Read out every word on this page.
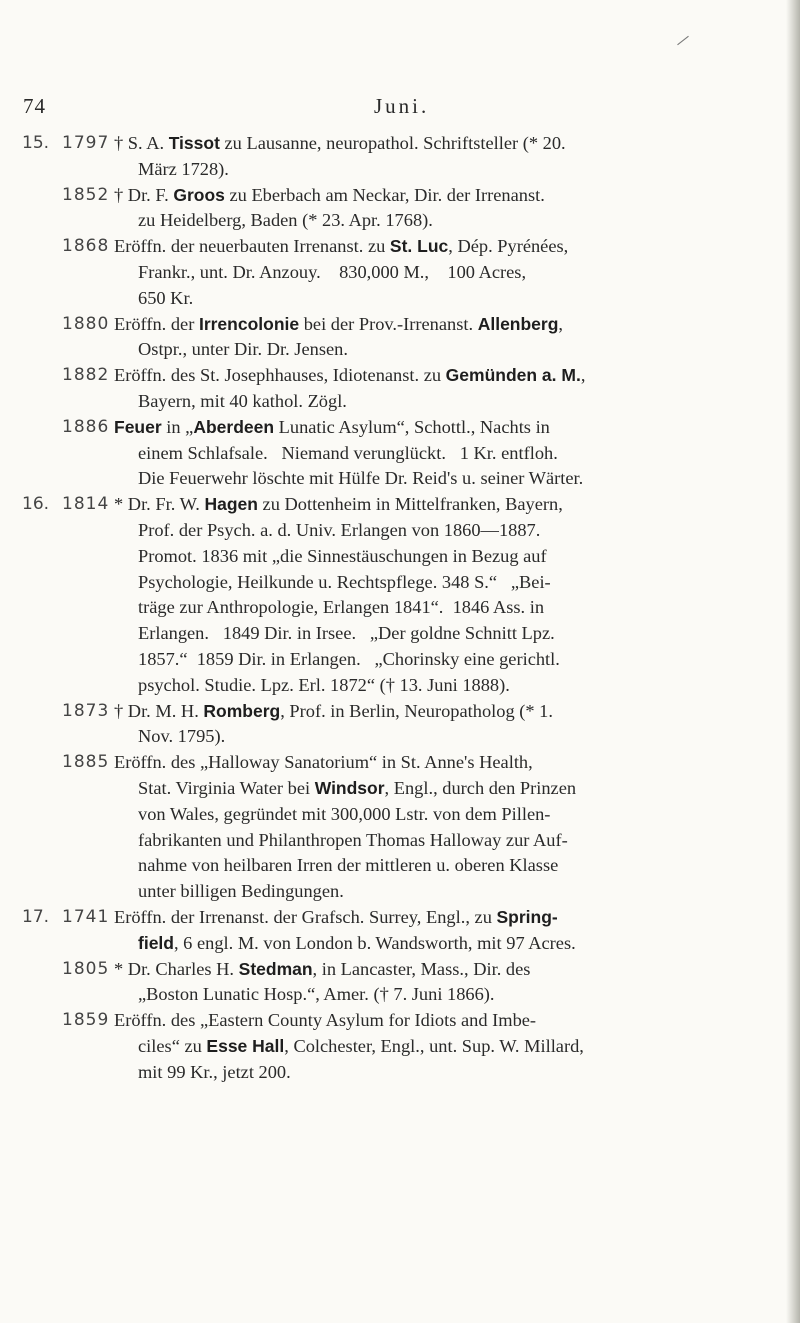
74	Juni.
15. 1797 † S. A. Tissot zu Lausanne, neuropathol. Schriftsteller (* 20.
März 1728).
1852 † Dr. F. Groos zu Eberbach am Neckar, Dir. der Irrenanst.
zu Heidelberg, Baden (* 23. Apr. 1768).
1868 Eröffn. der neuerbauten Irrenanst. zu St. Luc, Dép. Pyrénées,
Frankr., unt. Dr. Anzouy.    830,000 M.,    100 Acres,
650 Kr.
1880 Eröffn. der Irrencolonie bei der Prov.-Irrenanst. Allenberg,
Ostpr., unter Dir. Dr. Jensen.
1882 Eröffn. des St. Josephhauses, Idiotenanst. zu Gemünden a. M.,
Bayern, mit 40 kathol. Zögl.
1886 Feuer in „Aberdeen Lunatic Asylum“, Schottl., Nachts in
einem Schlafsale.   Niemand verunglückt.   1 Kr. entfloh.
Die Feuerwehr löschte mit Hülfe Dr. Reid's u. seiner Wärter.
16. 1814 * Dr. Fr. W. Hagen zu Dottenheim in Mittelfranken, Bayern,
Prof. der Psych. a. d. Univ. Erlangen von 1860—1887.
Promot. 1836 mit „die Sinnestäuschungen in Bezug auf
Psychologie, Heilkunde u. Rechtspflege. 348 S.“   „Bei-
träge zur Anthropologie, Erlangen 1841“.  1846 Ass. in
Erlangen.   1849 Dir. in Irsee.   „Der goldne Schnitt Lpz.
1857.“  1859 Dir. in Erlangen.   „Chorinsky eine gerichtl.
psychol. Studie. Lpz. Erl. 1872“ († 13. Juni 1888).
1873 † Dr. M. H. Romberg, Prof. in Berlin, Neuropatholog (* 1.
Nov. 1795).
1885 Eröffn. des „Halloway Sanatorium“ in St. Anne's Health,
Stat. Virginia Water bei Windsor, Engl., durch den Prinzen
von Wales, gegründet mit 300,000 Lstr. von dem Pillen-
fabrikanten und Philanthropen Thomas Halloway zur Auf-
nahme von heilbaren Irren der mittleren u. oberen Klasse
unter billigen Bedingungen.
17. 1741 Eröffn. der Irrenanst. der Grafsch. Surrey, Engl., zu Spring-
field, 6 engl. M. von London b. Wandsworth, mit 97 Acres.
1805 * Dr. Charles H. Stedman, in Lancaster, Mass., Dir. des
„Boston Lunatic Hosp.“, Amer. († 7. Juni 1866).
1859 Eröffn. des „Eastern County Asylum for Idiots and Imbe-
ciles“ zu Esse Hall, Colchester, Engl., unt. Sup. W. Millard,
mit 99 Kr., jetzt 200.
